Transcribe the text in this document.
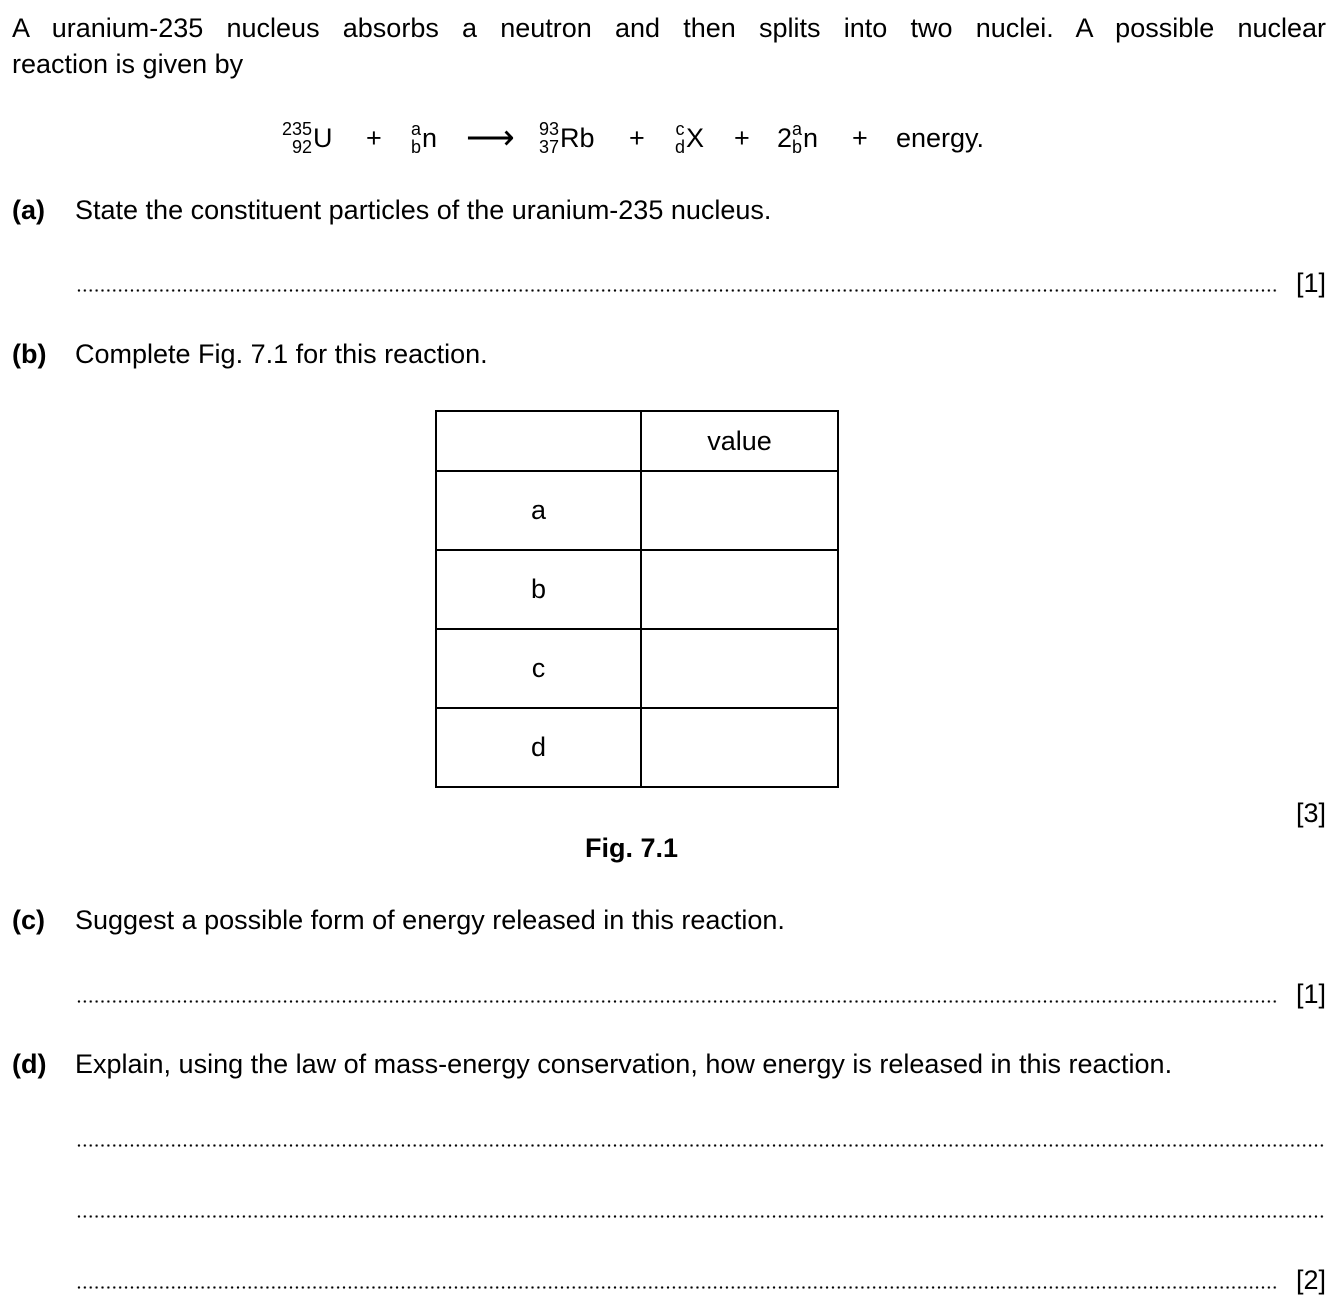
A uranium-235 nucleus absorbs a neutron and then splits into two nuclei. A possible nuclear

reaction is given by

235
92 U + a
b n ⟶ 93
37 Rb + c
d X + 2 a
b n + energy.
(a) State the constituent particles of the uranium-235 nucleus.
[1]
(b) Complete Fig. 7.1 for this reaction.
	value
a	
b	
c	
d	
[3]
Fig. 7.1
(c) Suggest a possible form of energy released in this reaction.
[1]
(d) Explain, using the law of mass-energy conservation, how energy is released in this reaction.
[2]
